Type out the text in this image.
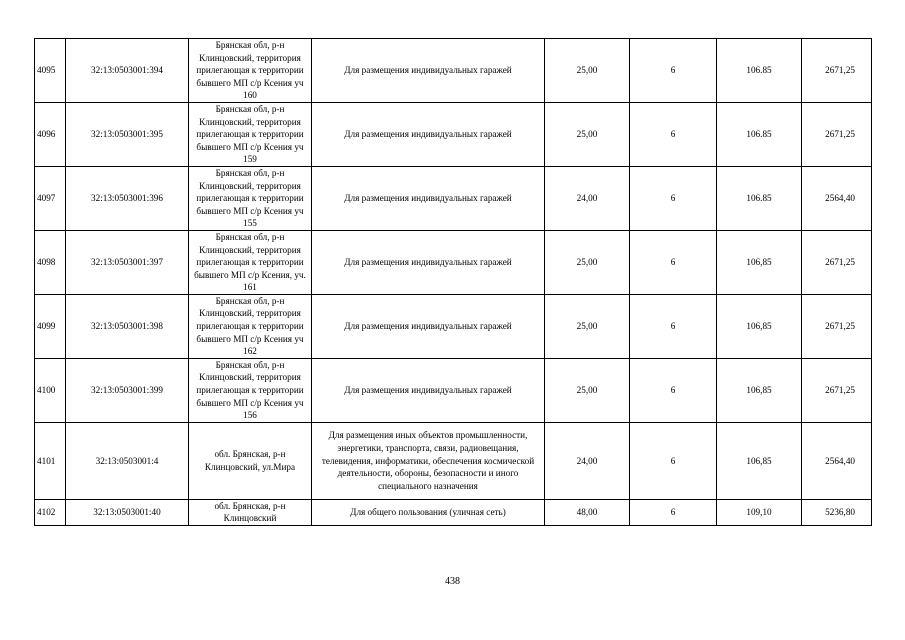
4095	32:13:0503001:394	Брянская обл, р-н Клинцовский, территория прилегающая к территории бывшего МП с/р Ксения уч 160	Для размещения индивидуальных гаражей	25,00	6	106.85	2671,25
4096	32:13:0503001:395	Брянская обл, р-н Клинцовский, территория прилегающая к территории бывшего МП с/р Ксения уч 159	Для размещения индивидуальных гаражей	25,00	6	106.85	2671,25
4097	32:13:0503001:396	Брянская обл, р-н Клинцовский, территория прилегающая к территории бывшего МП с/р Ксения уч 155	Для размещения индивидуальных гаражей	24,00	6	106.85	2564,40
4098	32:13:0503001:397	Брянская обл, р-н Клинцовский, территория прилегающая к территории бывшего МП с/р Ксения, уч. 161	Для размещения индивидуальных гаражей	25,00	6	106,85	2671,25
4099	32:13:0503001:398	Брянская обл, р-н Клинцовский, территория прилегающая к территории бывшего МП с/р Ксения уч 162	Для размещения индивидуальных гаражей	25,00	6	106,85	2671,25
4100	32:13:0503001:399	Брянская обл, р-н Клинцовский, территория прилегающая к территории бывшего МП с/р Ксения уч 156	Для размещения индивидуальных гаражей	25,00	6	106,85	2671,25
4101	32:13:0503001:4	обл. Брянская, р-н Клинцовский, ул.Мира	Для размещения иных объектов промышленности, энергетики, транспорта, связи, радиовещания, телевидения, информатики, обеспечения космической деятельности, обороны, безопасности и иного специального назначения	24,00	6	106,85	2564,40
4102	32:13:0503001:40	обл. Брянская, р-н Клинцовский	Для общего пользования (уличная сеть)	48,00	6	109,10	5236,80
438
